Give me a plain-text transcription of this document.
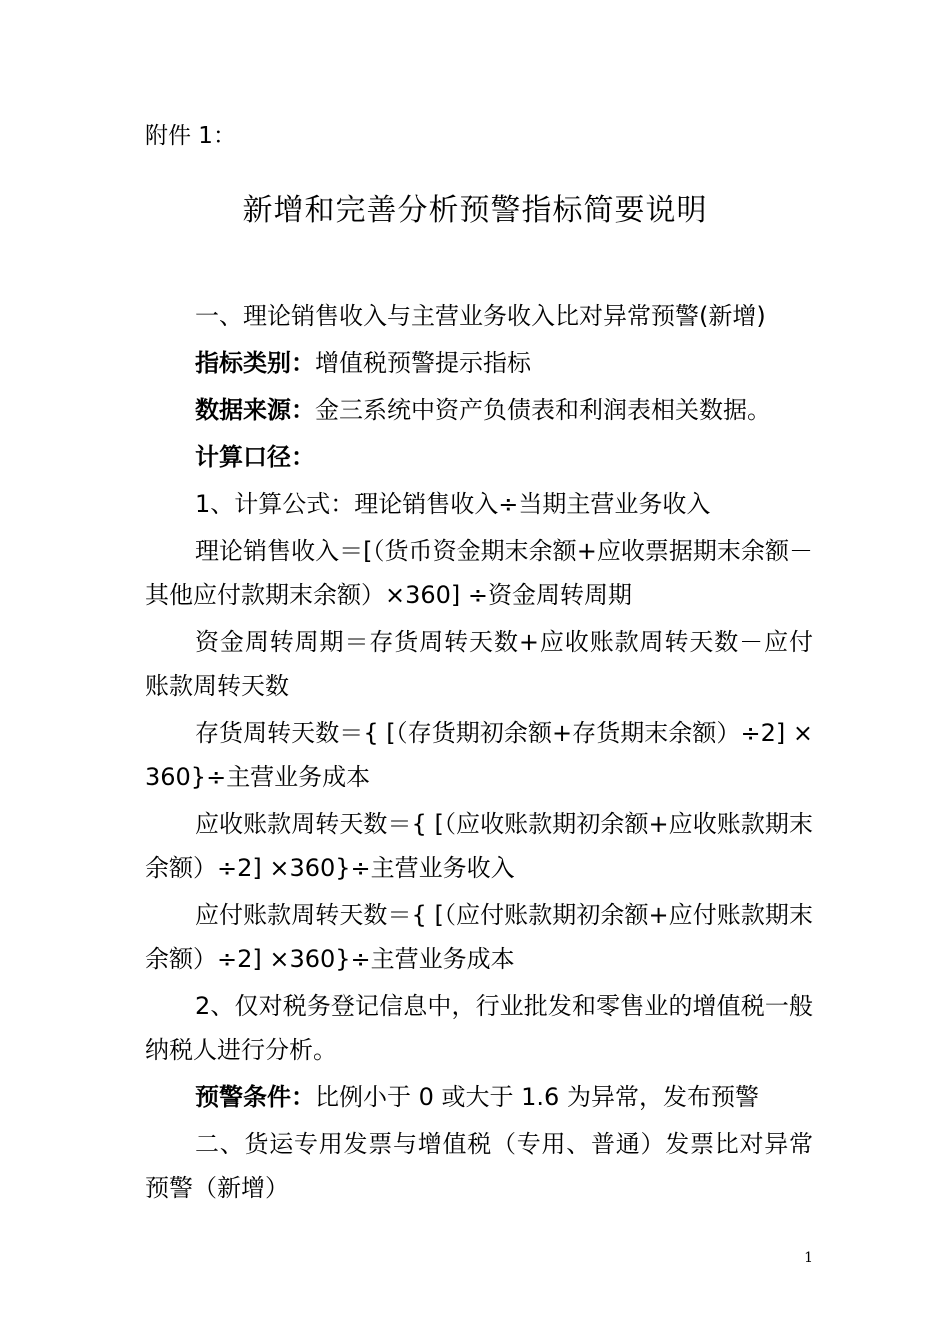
附件 1：
新增和完善分析预警指标简要说明

一、理论销售收入与主营业务收入比对异常预警(新增)

指标类别：增值税预警提示指标

数据来源：金三系统中资产负债表和利润表相关数据。

计算口径：

1、计算公式：理论销售收入÷当期主营业务收入

理论销售收入＝[（货币资金期末余额+应收票据期末余额－其他应付款期末余额）×360] ÷资金周转周期

资金周转周期＝存货周转天数+应收账款周转天数－应付账款周转天数

存货周转天数＝{ [（存货期初余额+存货期末余额）÷2] ×360}÷主营业务成本

应收账款周转天数＝{ [（应收账款期初余额+应收账款期末余额）÷2] ×360}÷主营业务收入

应付账款周转天数＝{ [（应付账款期初余额+应付账款期末余额）÷2] ×360}÷主营业务成本

2、仅对税务登记信息中，行业批发和零售业的增值税一般纳税人进行分析。

预警条件：比例小于 0 或大于 1.6 为异常，发布预警

二、货运专用发票与增值税（专用、普通）发票比对异常预警（新增）

1
